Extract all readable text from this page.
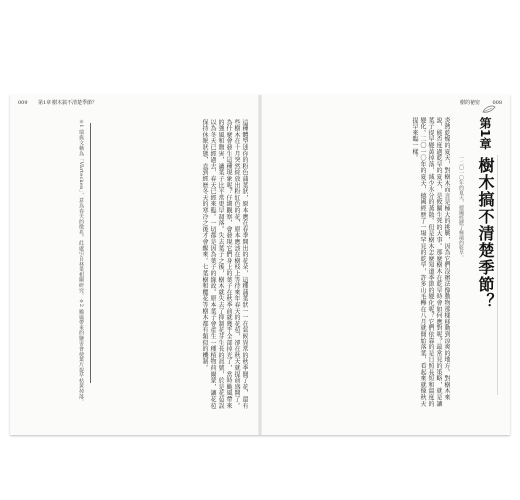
009 第1章 樹木搞不清楚季節？
這種體型迷你的粉色蒲葉狀，原本應在春季開出的花朵，這種蒲葉狀一一在氣候異常的秋季開了花，還有些樹木在十月突然綻放出粉紅色的花，原本應該在樹枝上等待來年春天的花苞，卻在秋天就提前盛開了。為什麼會發生這種現象呢？仔細觀察，會發現它們身上的葉子在秋季前就幾乎全部掉光了，當時颱風帶來的強風和鹽害，讓葉子比平常更早凋落。失去葉子之後，樹木就失去了抑制花芽生長的訊號，於是花苞誤以為冬天已經過去，春天已經來臨。一切都是因為葉子的緣故。原本葉子會產生一種植物荷爾蒙，讓花苞保持休眠狀態，直到經歷冬天的寒冷之後才會醒來。七葉樹和櫻花等樹木都有類似的機制。
＊1 瑞典文稱為「Vårtecken」，意為春天的徵兆。此處引自林業相關研究。＊2 颱風帶來的鹽害會使葉片提早枯黃掉落。
樹的祕密 008
第1章
樹木搞不清楚季節？
一二〇一〇年的夏天，德國經歷了極端的乾旱。
炎熱乾燥的夏天，對樹木而言是極大的挑戰，因為它們沒辦法像動物那樣移動到涼爽的地方。對樹木來說，能否度過乾旱的夏天，是攸關生死的大事。那麼樹木在乾旱時會如何應對呢？最常見的策略，就是讓葉子提早變黃掉落，減少水分的蒸散。但是樹木怎麼知道季節的變化呢？它們依靠的是日照長短和溫度的變化。二〇一〇年的夏天，德國經歷了一場罕見的乾旱，許多山毛櫸在八月就開始落葉，看起來就像秋天提早來臨一樣。
